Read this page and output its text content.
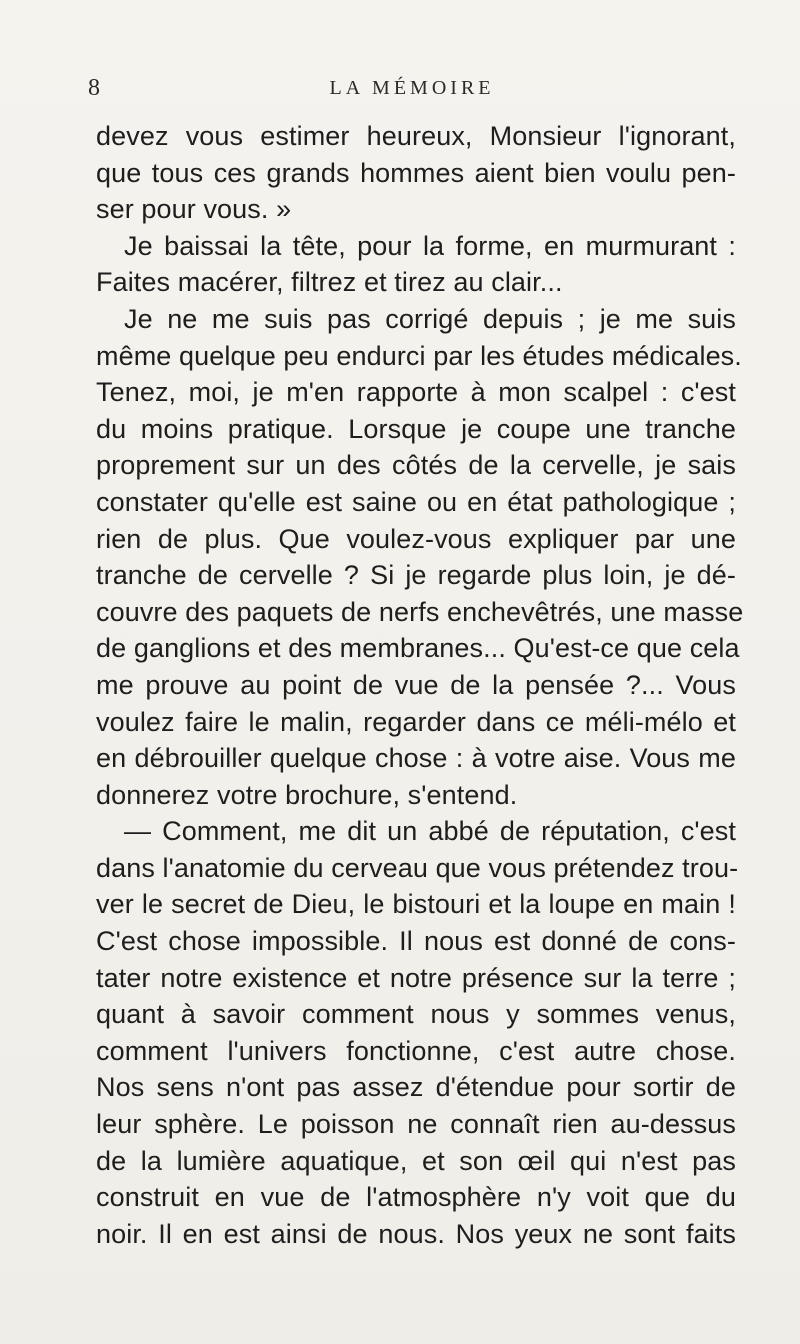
8	LA MÉMOIRE
devez vous estimer heureux, Monsieur l'ignorant,
que tous ces grands hommes aient bien voulu pen-
ser pour vous. »
Je baissai la tête, pour la forme, en murmurant :
Faites macérer, filtrez et tirez au clair...
Je ne me suis pas corrigé depuis ; je me suis
même quelque peu endurci par les études médicales.
Tenez, moi, je m'en rapporte à mon scalpel : c'est
du moins pratique. Lorsque je coupe une tranche
proprement sur un des côtés de la cervelle, je sais
constater qu'elle est saine ou en état pathologique ;
rien de plus. Que voulez-vous expliquer par une
tranche de cervelle ? Si je regarde plus loin, je dé-
couvre des paquets de nerfs enchevêtrés, une masse
de ganglions et des membranes... Qu'est-ce que cela
me prouve au point de vue de la pensée ?... Vous
voulez faire le malin, regarder dans ce méli-mélo et
en débrouiller quelque chose : à votre aise. Vous me
donnerez votre brochure, s'entend.
— Comment, me dit un abbé de réputation, c'est
dans l'anatomie du cerveau que vous prétendez trou-
ver le secret de Dieu, le bistouri et la loupe en main !
C'est chose impossible. Il nous est donné de cons-
tater notre existence et notre présence sur la terre ;
quant à savoir comment nous y sommes venus,
comment l'univers fonctionne, c'est autre chose.
Nos sens n'ont pas assez d'étendue pour sortir de
leur sphère. Le poisson ne connaît rien au-dessus
de la lumière aquatique, et son œil qui n'est pas
construit en vue de l'atmosphère n'y voit que du
noir. Il en est ainsi de nous. Nos yeux ne sont faits
